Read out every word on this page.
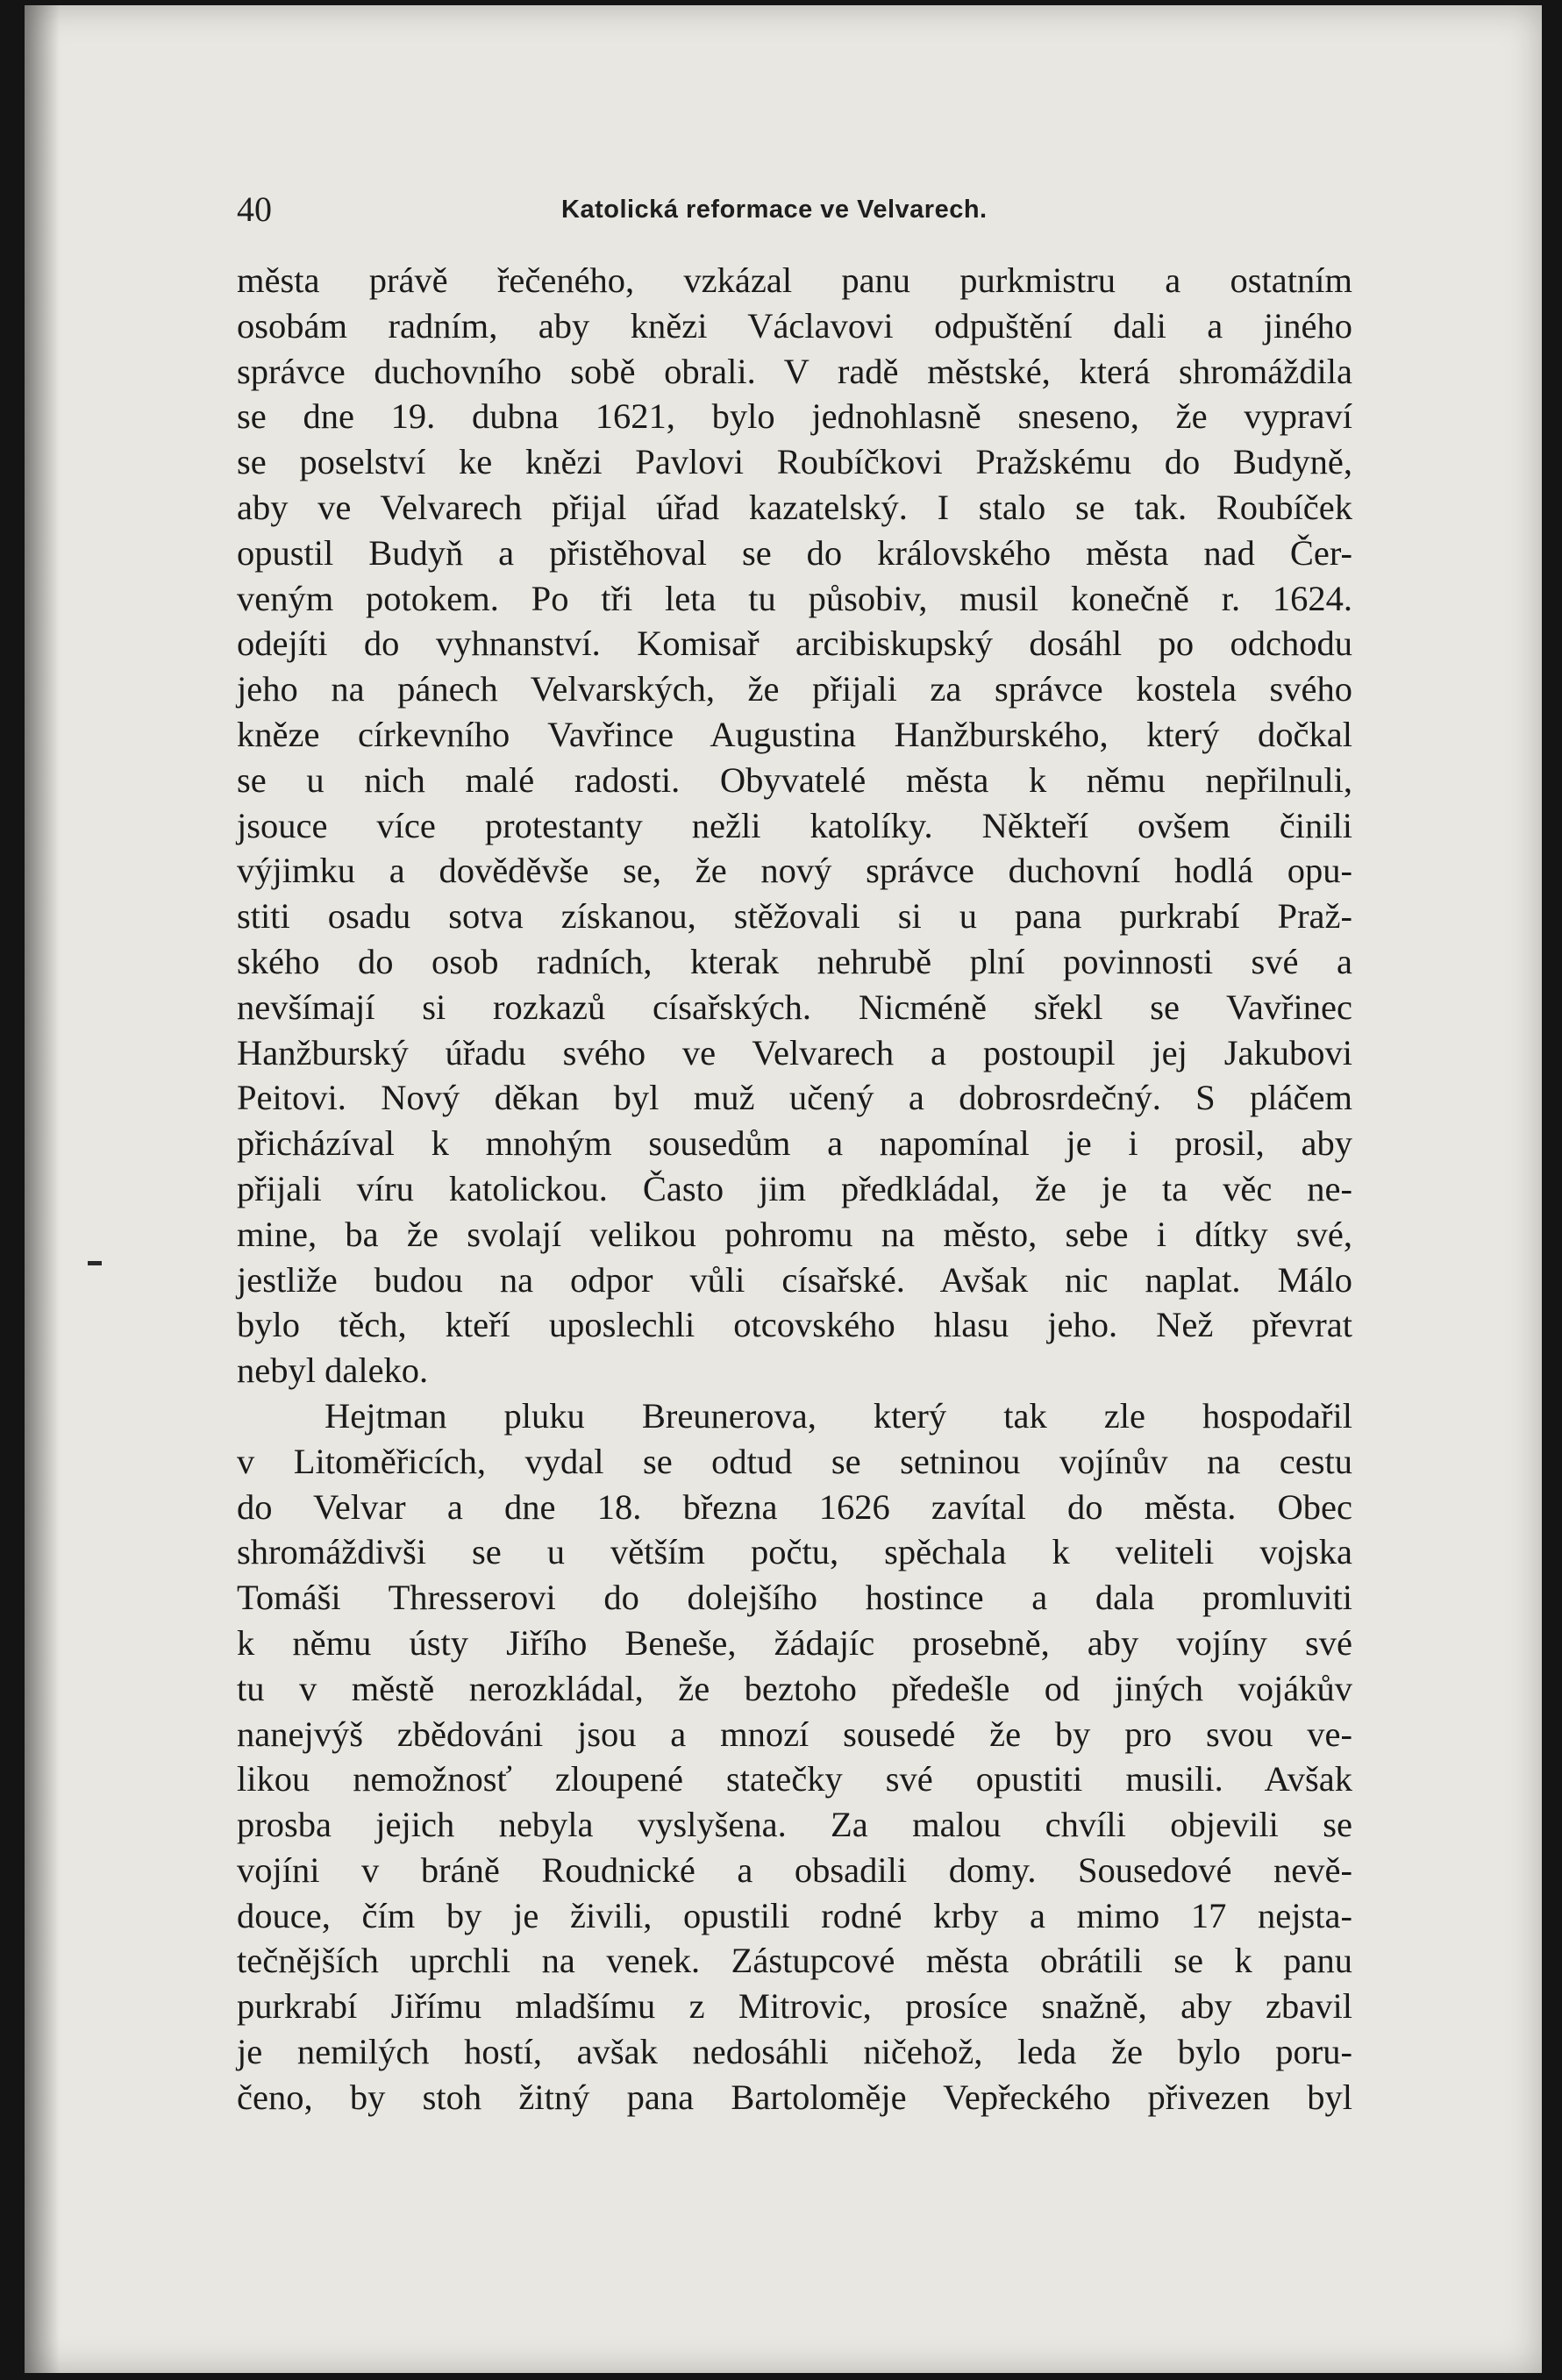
40	Katolická reformace ve Velvarech.
města právě řečeného, vzkázal panu purkmistru a ostatním
osobám radním, aby knězi Václavovi odpuštění dali a jiného
správce duchovního sobě obrali. V radě městské, která shromáždila
se dne 19. dubna 1621, bylo jednohlasně sneseno, že vypraví
se poselství ke knězi Pavlovi Roubíčkovi Pražskému do Budyně,
aby ve Velvarech přijal úřad kazatelský. I stalo se tak. Roubíček
opustil Budyň a přistěhoval se do královského města nad Čer-
veným potokem. Po tři leta tu působiv, musil konečně r. 1624.
odejíti do vyhnanství. Komisař arcibiskupský dosáhl po odchodu
jeho na pánech Velvarských, že přijali za správce kostela svého
kněze církevního Vavřince Augustina Hanžburského, který dočkal
se u nich malé radosti. Obyvatelé města k němu nepřilnuli,
jsouce více protestanty nežli katolíky. Někteří ovšem činili
výjimku a dověděvše se, že nový správce duchovní hodlá opu-
stiti osadu sotva získanou, stěžovali si u pana purkrabí Praž-
ského do osob radních, kterak nehrubě plní povinnosti své a
nevšímají si rozkazů císařských. Nicméně sřekl se Vavřinec
Hanžburský úřadu svého ve Velvarech a postoupil jej Jakubovi
Peitovi. Nový děkan byl muž učený a dobrosrdečný. S pláčem
přicházíval k mnohým sousedům a napomínal je i prosil, aby
přijali víru katolickou. Často jim předkládal, že je ta věc ne-
mine, ba že svolají velikou pohromu na město, sebe i dítky své,
jestliže budou na odpor vůli císařské. Avšak nic naplat. Málo
bylo těch, kteří uposlechli otcovského hlasu jeho. Než převrat
nebyl daleko.
Hejtman pluku Breunerova, který tak zle hospodařil
v Litoměřicích, vydal se odtud se setninou vojínův na cestu
do Velvar a dne 18. března 1626 zavítal do města. Obec
shromáždivši se u větším počtu, spěchala k veliteli vojska
Tomáši Thresserovi do dolejšího hostince a dala promluviti
k němu ústy Jiřího Beneše, žádajíc prosebně, aby vojíny své
tu v městě nerozkládal, že beztoho předešle od jiných vojákův
nanejvýš zbědováni jsou a mnozí sousedé že by pro svou ve-
likou nemožnosť zloupené statečky své opustiti musili. Avšak
prosba jejich nebyla vyslyšena. Za malou chvíli objevili se
vojíni v bráně Roudnické a obsadili domy. Sousedové nevě-
douce, čím by je živili, opustili rodné krby a mimo 17 nejsta-
tečnějších uprchli na venek. Zástupcové města obrátili se k panu
purkrabí Jiřímu mladšímu z Mitrovic, prosíce snažně, aby zbavil
je nemilých hostí, avšak nedosáhli ničehož, leda že bylo poru-
čeno, by stoh žitný pana Bartoloměje Vepřeckého přivezen byl
